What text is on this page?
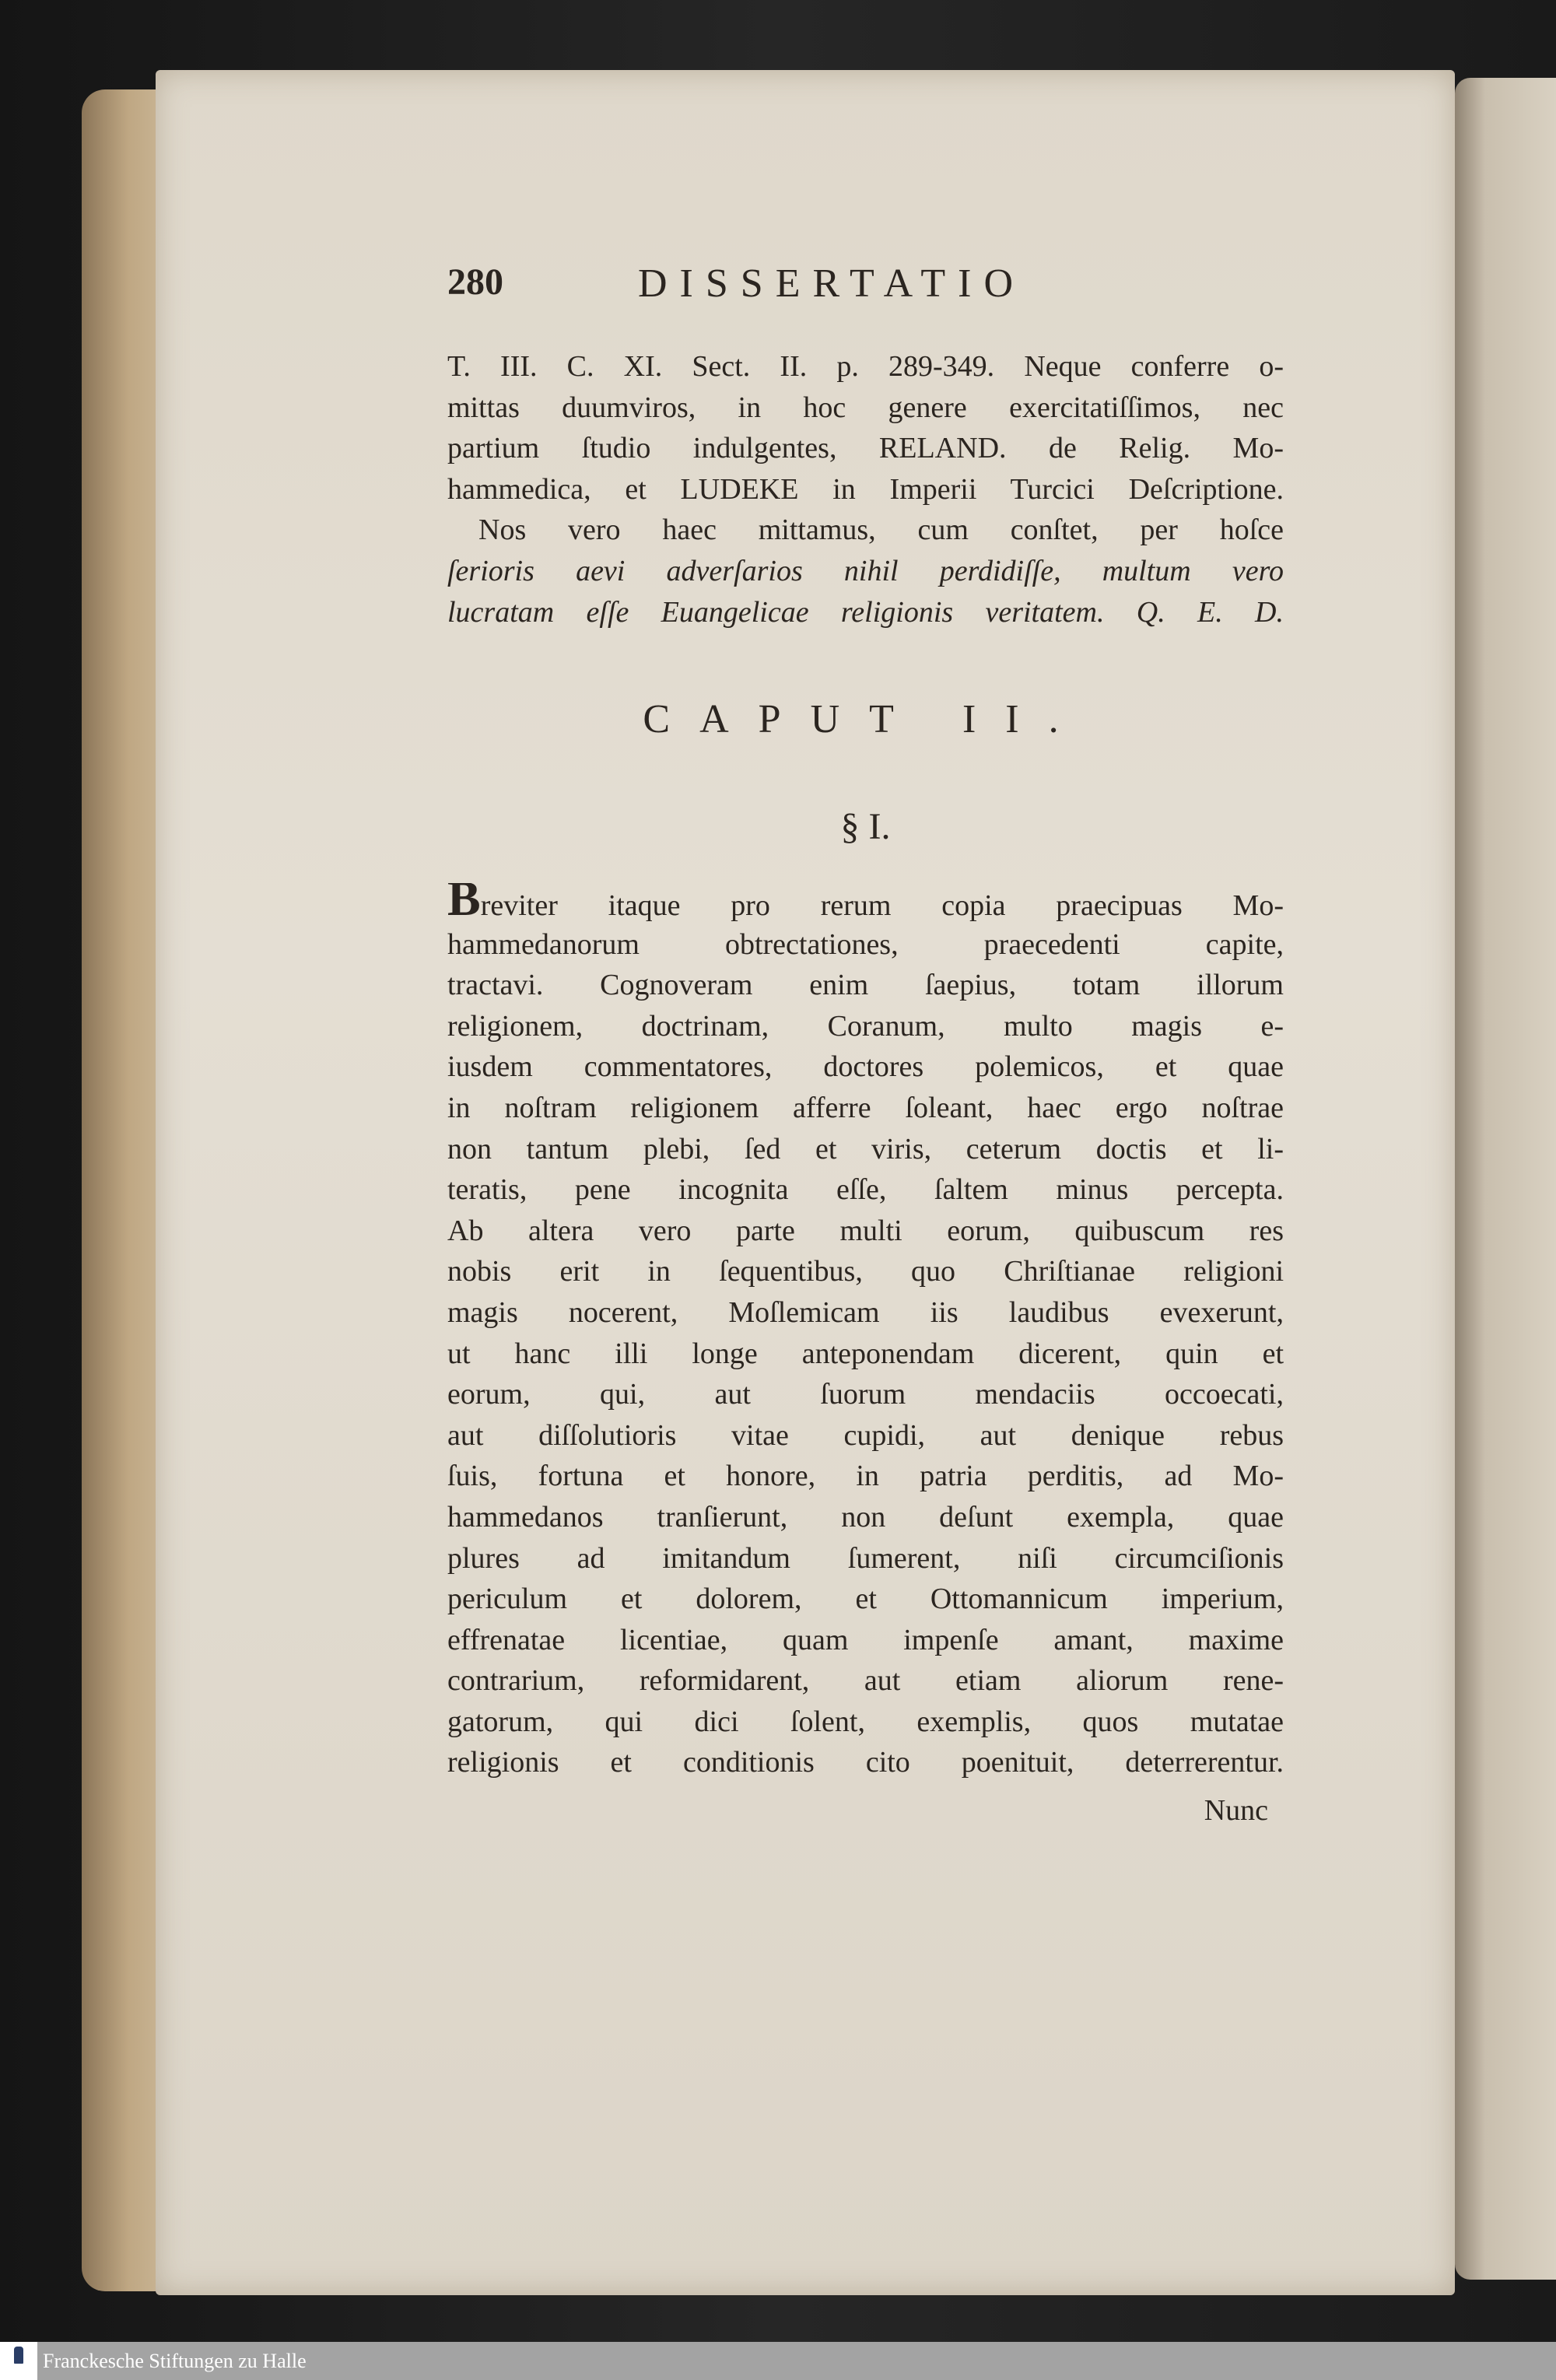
280	DISSERTATIO
T. III. C. XI. Sect. II. p. 289-349. Neque conferre o-
mittas duumviros, in hoc genere exercitatiſſimos, nec
partium ſtudio indulgentes, RELAND. de Relig. Mo-
hammedica, et LUDEKE in Imperii Turcici Deſcriptione.
Nos vero haec mittamus, cum conſtet, per hoſce
ſerioris aevi adverſarios nihil perdidiſſe, multum vero
lucratam eſſe Euangelicae religionis veritatem. Q. E. D.
CAPUT II.
§ I.
Breviter itaque pro rerum copia praecipuas Mo-
hammedanorum obtrectationes, praecedenti capite,
tractavi. Cognoveram enim ſaepius, totam illorum
religionem, doctrinam, Coranum, multo magis e-
iusdem commentatores, doctores polemicos, et quae
in noſtram religionem afferre ſoleant, haec ergo noſtrae
non tantum plebi, ſed et viris, ceterum doctis et li-
teratis, pene incognita eſſe, ſaltem minus percepta.
Ab altera vero parte multi eorum, quibuscum res
nobis erit in ſequentibus, quo Chriſtianae religioni
magis nocerent, Moſlemicam iis laudibus evexerunt,
ut hanc illi longe anteponendam dicerent, quin et
eorum, qui, aut ſuorum mendaciis occoecati,
aut diſſolutioris vitae cupidi, aut denique rebus
ſuis, fortuna et honore, in patria perditis, ad Mo-
hammedanos tranſierunt, non deſunt exempla, quae
plures ad imitandum ſumerent, niſi circumciſionis
periculum et dolorem, et Ottomannicum imperium,
effrenatae licentiae, quam impenſe amant, maxime
contrarium, reformidarent, aut etiam aliorum rene-
gatorum, qui dici ſolent, exemplis, quos mutatae
religionis et conditionis cito poenituit, deterrerentur.
Nunc
Franckesche Stiftungen zu Halle
